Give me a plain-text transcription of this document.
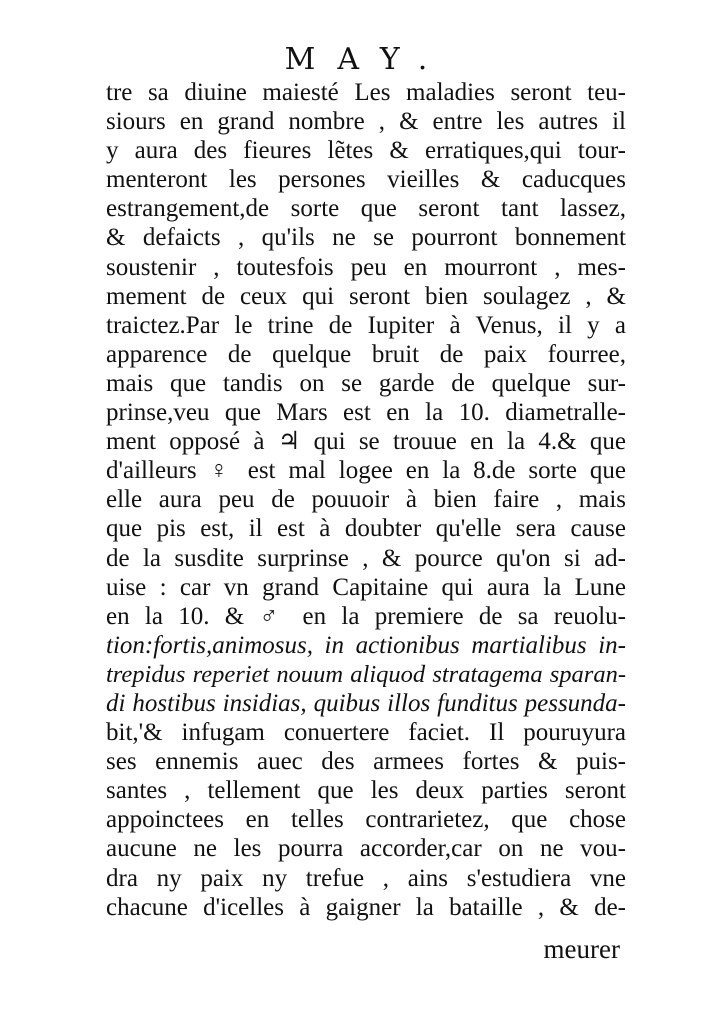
MAY.
tre sa diuine maiesté Les maladies seront teu-
siours en grand nombre , & entre les autres il
y aura des fieures lẽtes & erratiques,qui tour-
menteront les persones vieilles & caducques
estrangement,de sorte que seront tant lassez,
& defaicts , qu'ils ne se pourront bonnement
soustenir , toutesfois peu en mourront , mes-
mement de ceux qui seront bien soulagez , &
traictez.Par le trine de Iupiter à Venus, il y a
apparence de quelque bruit de paix fourree,
mais que tandis on se garde de quelque sur-
prinse,veu que Mars est en la 10. diametralle-
ment opposé à ♃ qui se trouue en la 4.& que
d'ailleurs ♀ est mal logee en la 8.de sorte que
elle aura peu de pouuoir à bien faire , mais
que pis est, il est à doubter qu'elle sera cause
de la susdite surprinse , & pource qu'on si ad-
uise : car vn grand Capitaine qui aura la Lune
en la 10. & ♂ en la premiere de sa reuolu-
tion:fortis,animosus, in actionibus martialibus in-
trepidus reperiet nouum aliquod stratagema sparan-
di hostibus insidias, quibus illos funditus pessunda-
bit,'& infugam conuertere faciet. Il pouruyura
ses ennemis auec des armees fortes & puis-
santes , tellement que les deux parties seront
appoinctees en telles contrarietez, que chose
aucune ne les pourra accorder,car on ne vou-
dra ny paix ny trefue , ains s'estudiera vne
chacune d'icelles à gaigner la bataille , & de-
meurer
